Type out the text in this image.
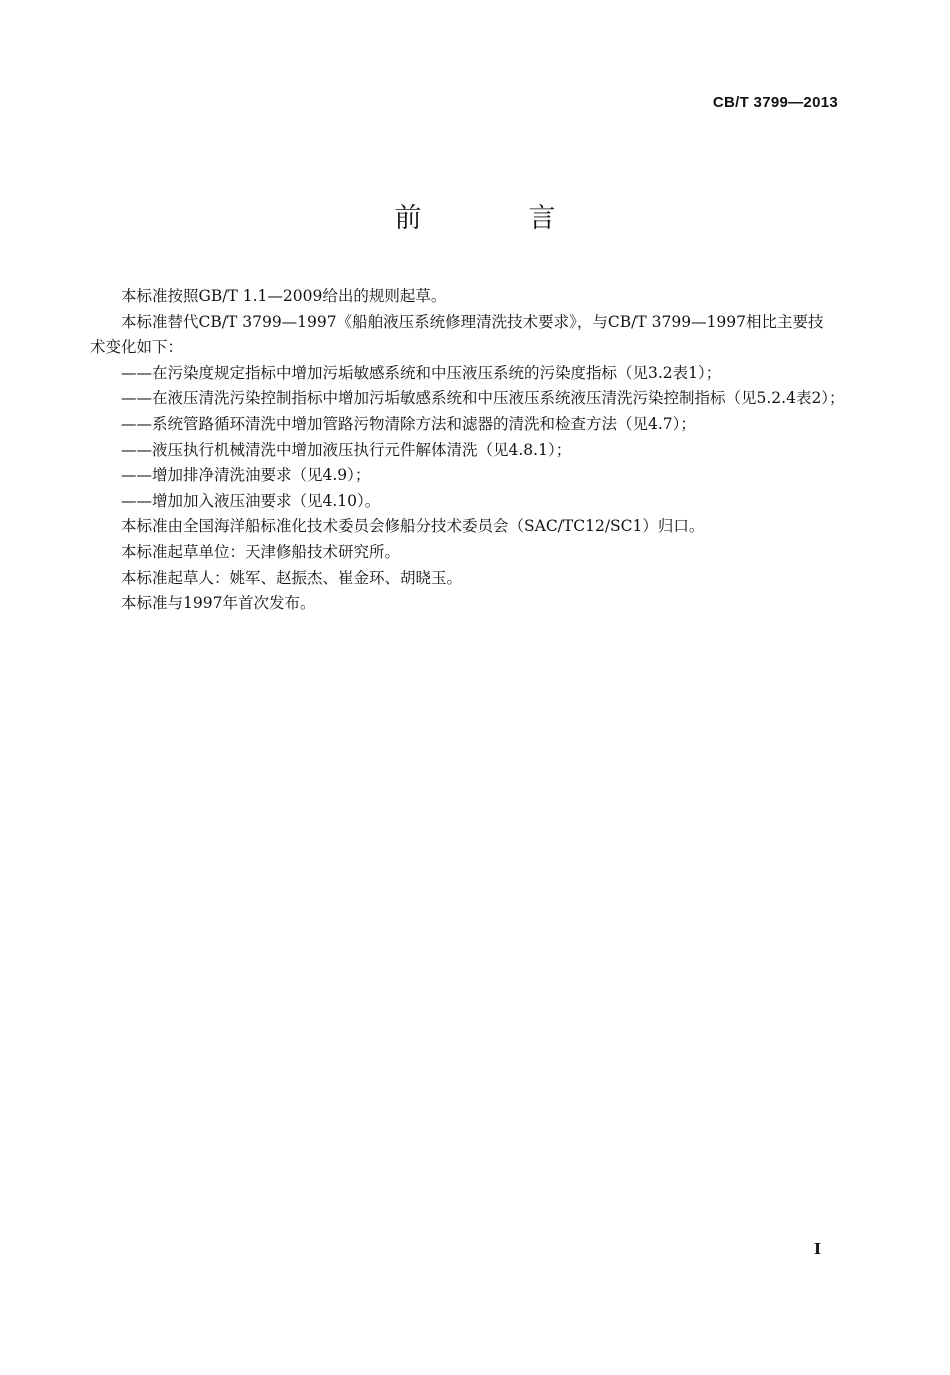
CB/T 3799—2013
前　言

本标准按照GB/T 1.1—2009给出的规则起草。

本标准替代CB/T 3799—1997《船舶液压系统修理清洗技术要求》，与CB/T 3799—1997相比主要技

术变化如下：

——在污染度规定指标中增加污垢敏感系统和中压液压系统的污染度指标（见3.2表1）；

——在液压清洗污染控制指标中增加污垢敏感系统和中压液压系统液压清洗污染控制指标（见5.2.4表2）；

——系统管路循环清洗中增加管路污物清除方法和滤器的清洗和检查方法（见4.7）；

——液压执行机械清洗中增加液压执行元件解体清洗（见4.8.1）；

——增加排净清洗油要求（见4.9）；

——增加加入液压油要求（见4.10）。

本标准由全国海洋船标准化技术委员会修船分技术委员会（SAC/TC12/SC1）归口。

本标准起草单位：天津修船技术研究所。

本标准起草人：姚军、赵振杰、崔金环、胡晓玉。

本标准与1997年首次发布。

I
